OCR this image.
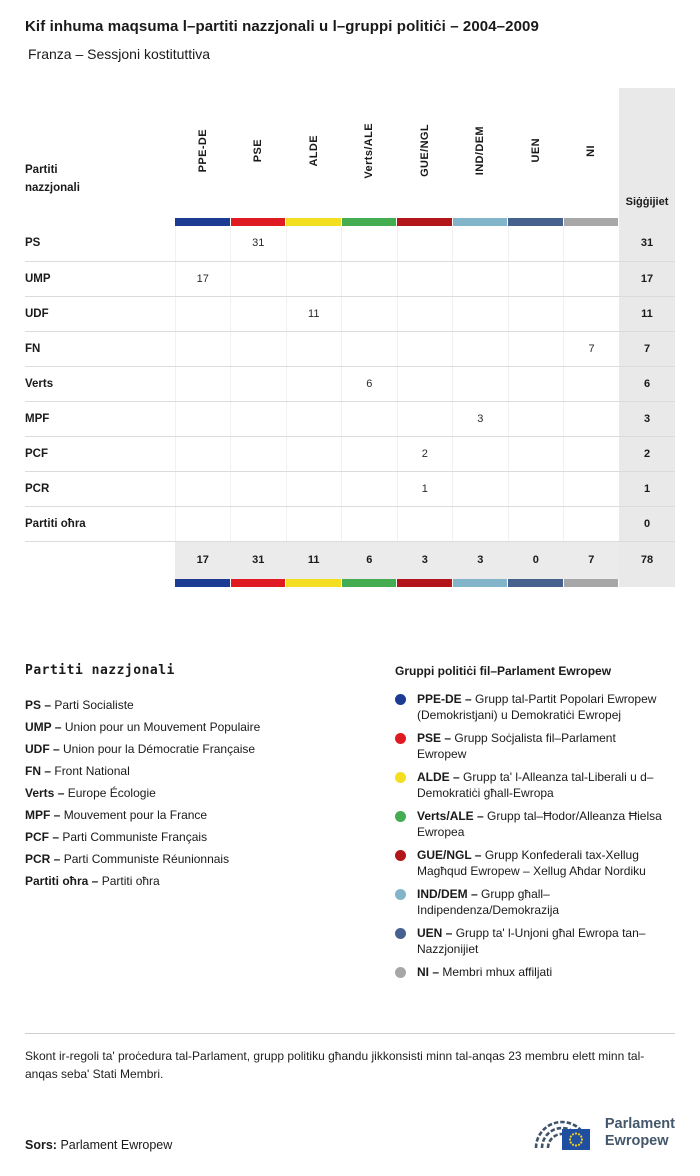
Kif inhuma maqsuma l–partiti nazzjonali u l–gruppi politiċi – 2004–2009
Franza – Sessjoni kostituttiva
Partiti nazzjonali	PPE-DE	PSE	ALDE	Verts/ALE	GUE/NGL	IND/DEM	UEN	NI	Siġġijiet

PS		31							31
UMP	17								17
UDF			11						11
FN								7	7
Verts				6					6
MPF						3			3
PCF					2				2
PCR					1				1
Partiti oħra									0
	17	31	11	6	3	3	0	7	78

Partiti nazzjonali
PS – Parti Socialiste
UMP – Union pour un Mouvement Populaire
UDF – Union pour la Démocratie Française
FN – Front National
Verts – Europe Écologie
MPF – Mouvement pour la France
PCF – Parti Communiste Français
PCR – Parti Communiste Réunionnais
Partiti oħra – Partiti oħra
Gruppi politiċi fil–Parlament Ewropew
PPE-DE – Grupp tal-Partit Popolari Ewropew (Demokristjani) u Demokratiċi Ewropej
PSE – Grupp Soċjalista fil–Parlament Ewropew
ALDE – Grupp ta' l-Alleanza tal-Liberali u d–Demokratiċi għall-Ewropa
Verts/ALE – Grupp tal–Ħodor/Alleanza Ħielsa Ewropea
GUE/NGL – Grupp Konfederali tax-Xellug Magħqud Ewropew – Xellug Aħdar Nordiku
IND/DEM – Grupp għall–Indipendenza/Demokrazija
UEN – Grupp ta' l-Unjoni għal Ewropa tan–Nazzjonijiet
NI – Membri mhux affiljati

Skont ir-regoli ta' proċedura tal-Parlament, grupp politiku għandu jikkonsisti minn tal-anqas 23 membru elett minn tal-anqas seba' Stati Membri.

Sors: Parlament Ewropew

Parlament
Ewropew
